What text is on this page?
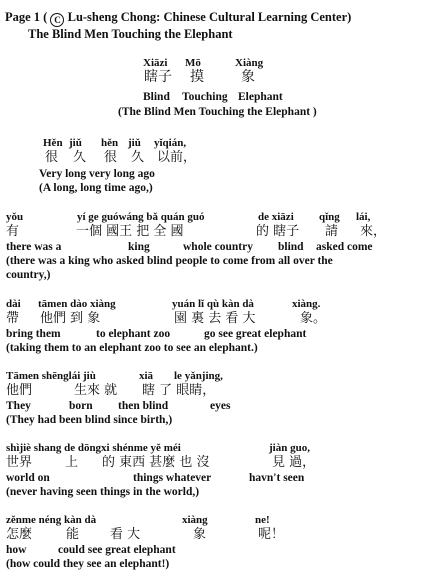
Page 1 ( C Lu-sheng Chong: Chinese Cultural Learning Center)
The Blind Men Touching the Elephant
Xiāzi Mō	Xiàng
瞎子 摸	象
Blind Touching Elephant
(The Blind Men Touching the Elephant )
Hěn jiǔ hěn jiǔ yǐqián,
很 久 很 久 以前，
Very long very long ago
(A long, long time ago,)
yǒu	yí ge guówáng bǎ quán guó	de xiāzi qǐng lái,
有	一個 國王 把 全 國	的 瞎子 請 來，
there was a	king	whole country blind asked come
(there was a king who asked blind people to come from all over the
country,)
dài tāmen dào xiàng	yuán lǐ qù kàn dà	xiàng.
帶 他們 到 象	園 裏 去 看 大	象。
bring them	to elephant zoo	go see great elephant
(taking them to an elephant zoo to see an elephant.)
Tāmen shēnglái jiù	xiā le yǎnjing,
他們	生來 就 瞎 了 眼睛，
They	born then blind	eyes
(They had been blind since birth,)
shìjiè shang de dōngxi shénme yě méi	jiàn guo,
世界	上 的 東西 甚麼 也 沒	見 過，
world on	things whatever	havn't seen
(never having seen things in the world,)
zěnme néng kàn dà	xiàng	ne!
怎麼	能 看 大	象	呢！
how	could see great elephant
(how could they see an elephant!)
